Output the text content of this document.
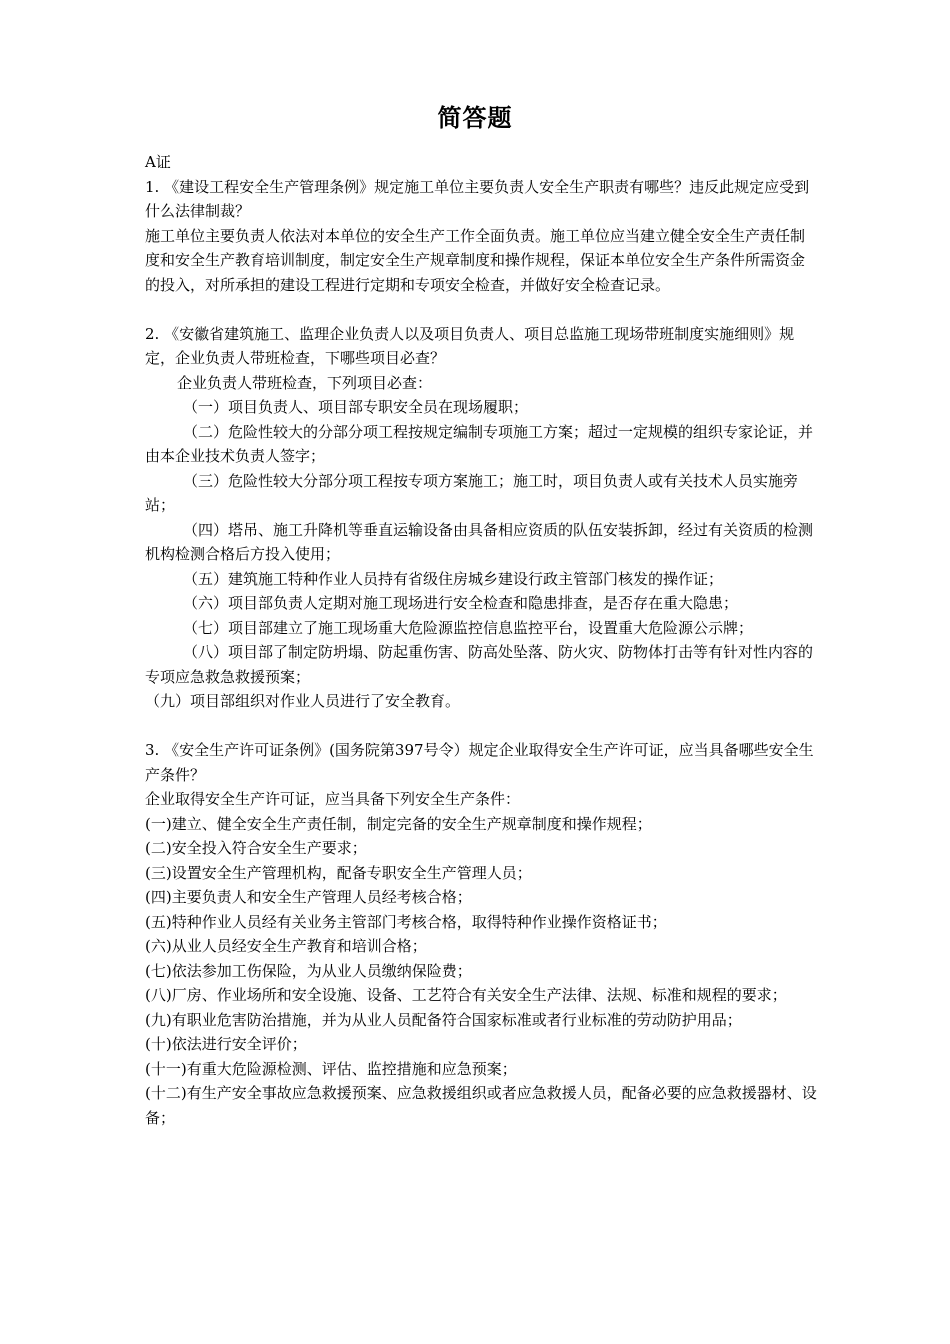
简答题

A证

1. 《建设工程安全生产管理条例》规定施工单位主要负责人安全生产职责有哪些？违反此规定应受到什么法律制裁？

施工单位主要负责人依法对本单位的安全生产工作全面负责。施工单位应当建立健全安全生产责任制度和安全生产教育培训制度，制定安全生产规章制度和操作规程，保证本单位安全生产条件所需资金的投入，对所承担的建设工程进行定期和专项安全检查，并做好安全检查记录。

2. 《安徽省建筑施工、监理企业负责人以及项目负责人、项目总监施工现场带班制度实施细则》规定，企业负责人带班检查，下哪些项目必查？

企业负责人带班检查，下列项目必查：

（一）项目负责人、项目部专职安全员在现场履职；

（二）危险性较大的分部分项工程按规定编制专项施工方案；超过一定规模的组织专家论证，并由本企业技术负责人签字；

（三）危险性较大分部分项工程按专项方案施工；施工时，项目负责人或有关技术人员实施旁站；

（四）塔吊、施工升降机等垂直运输设备由具备相应资质的队伍安装拆卸，经过有关资质的检测机构检测合格后方投入使用；

（五）建筑施工特种作业人员持有省级住房城乡建设行政主管部门核发的操作证；

（六）项目部负责人定期对施工现场进行安全检查和隐患排查，是否存在重大隐患；

（七）项目部建立了施工现场重大危险源监控信息监控平台，设置重大危险源公示牌；

（八）项目部了制定防坍塌、防起重伤害、防高处坠落、防火灾、防物体打击等有针对性内容的专项应急救急救援预案；

（九）项目部组织对作业人员进行了安全教育。

3. 《安全生产许可证条例》(国务院第397号令）规定企业取得安全生产许可证，应当具备哪些安全生产条件？

企业取得安全生产许可证，应当具备下列安全生产条件：

(一)建立、健全安全生产责任制，制定完备的安全生产规章制度和操作规程；

(二)安全投入符合安全生产要求；

(三)设置安全生产管理机构，配备专职安全生产管理人员；

(四)主要负责人和安全生产管理人员经考核合格；

(五)特种作业人员经有关业务主管部门考核合格，取得特种作业操作资格证书；

(六)从业人员经安全生产教育和培训合格；

(七)依法参加工伤保险，为从业人员缴纳保险费；

(八)厂房、作业场所和安全设施、设备、工艺符合有关安全生产法律、法规、标准和规程的要求；

(九)有职业危害防治措施，并为从业人员配备符合国家标准或者行业标准的劳动防护用品；

(十)依法进行安全评价；

(十一)有重大危险源检测、评估、监控措施和应急预案；

(十二)有生产安全事故应急救援预案、应急救援组织或者应急救援人员，配备必要的应急救援器材、设备；
